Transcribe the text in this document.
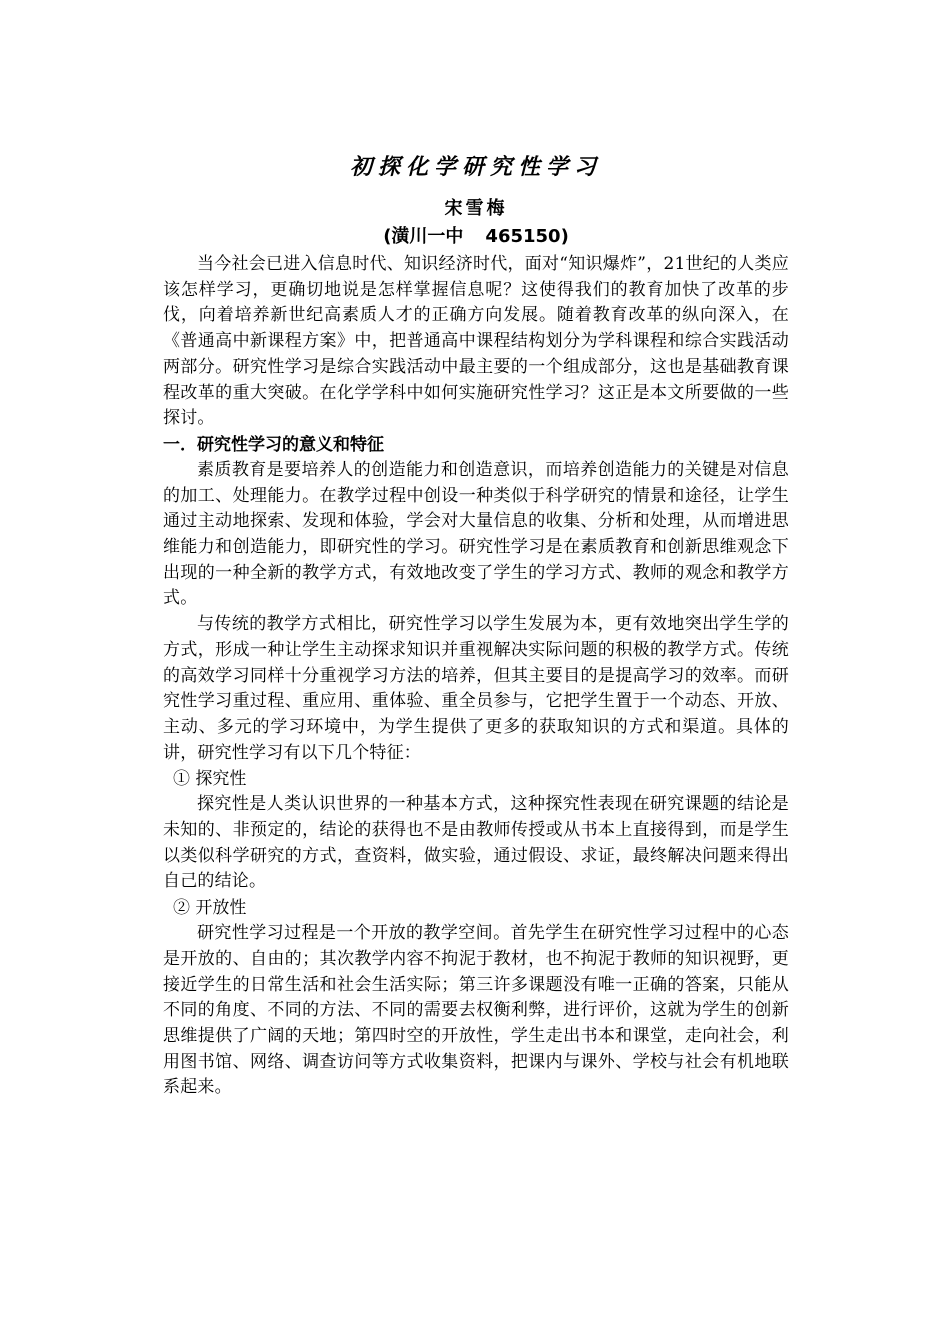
初探化学研究性学习
宋雪梅
(潢川一中 465150)

当今社会已进入信息时代、知识经济时代，面对“知识爆炸”，21世纪的人类应该怎样学习，更确切地说是怎样掌握信息呢？这使得我们的教育加快了改革的步伐，向着培养新世纪高素质人才的正确方向发展。随着教育改革的纵向深入，在《普通高中新课程方案》中，把普通高中课程结构划分为学科课程和综合实践活动两部分。研究性学习是综合实践活动中最主要的一个组成部分，这也是基础教育课程改革的重大突破。在化学学科中如何实施研究性学习？这正是本文所要做的一些探讨。

一．研究性学习的意义和特征

素质教育是要培养人的创造能力和创造意识，而培养创造能力的关键是对信息的加工、处理能力。在教学过程中创设一种类似于科学研究的情景和途径，让学生通过主动地探索、发现和体验，学会对大量信息的收集、分析和处理，从而增进思维能力和创造能力，即研究性的学习。研究性学习是在素质教育和创新思维观念下出现的一种全新的教学方式，有效地改变了学生的学习方式、教师的观念和教学方式。

与传统的教学方式相比，研究性学习以学生发展为本，更有效地突出学生学的方式，形成一种让学生主动探求知识并重视解决实际问题的积极的教学方式。传统的高效学习同样十分重视学习方法的培养，但其主要目的是提高学习的效率。而研究性学习重过程、重应用、重体验、重全员参与，它把学生置于一个动态、开放、主动、多元的学习环境中，为学生提供了更多的获取知识的方式和渠道。具体的讲，研究性学习有以下几个特征：

① 探究性

探究性是人类认识世界的一种基本方式，这种探究性表现在研究课题的结论是未知的、非预定的，结论的获得也不是由教师传授或从书本上直接得到，而是学生以类似科学研究的方式，查资料，做实验，通过假设、求证，最终解决问题来得出自己的结论。

② 开放性

研究性学习过程是一个开放的教学空间。首先学生在研究性学习过程中的心态是开放的、自由的；其次教学内容不拘泥于教材，也不拘泥于教师的知识视野，更接近学生的日常生活和社会生活实际；第三许多课题没有唯一正确的答案，只能从不同的角度、不同的方法、不同的需要去权衡利弊，进行评价，这就为学生的创新思维提供了广阔的天地；第四时空的开放性，学生走出书本和课堂，走向社会，利用图书馆、网络、调查访问等方式收集资料，把课内与课外、学校与社会有机地联系起来。
